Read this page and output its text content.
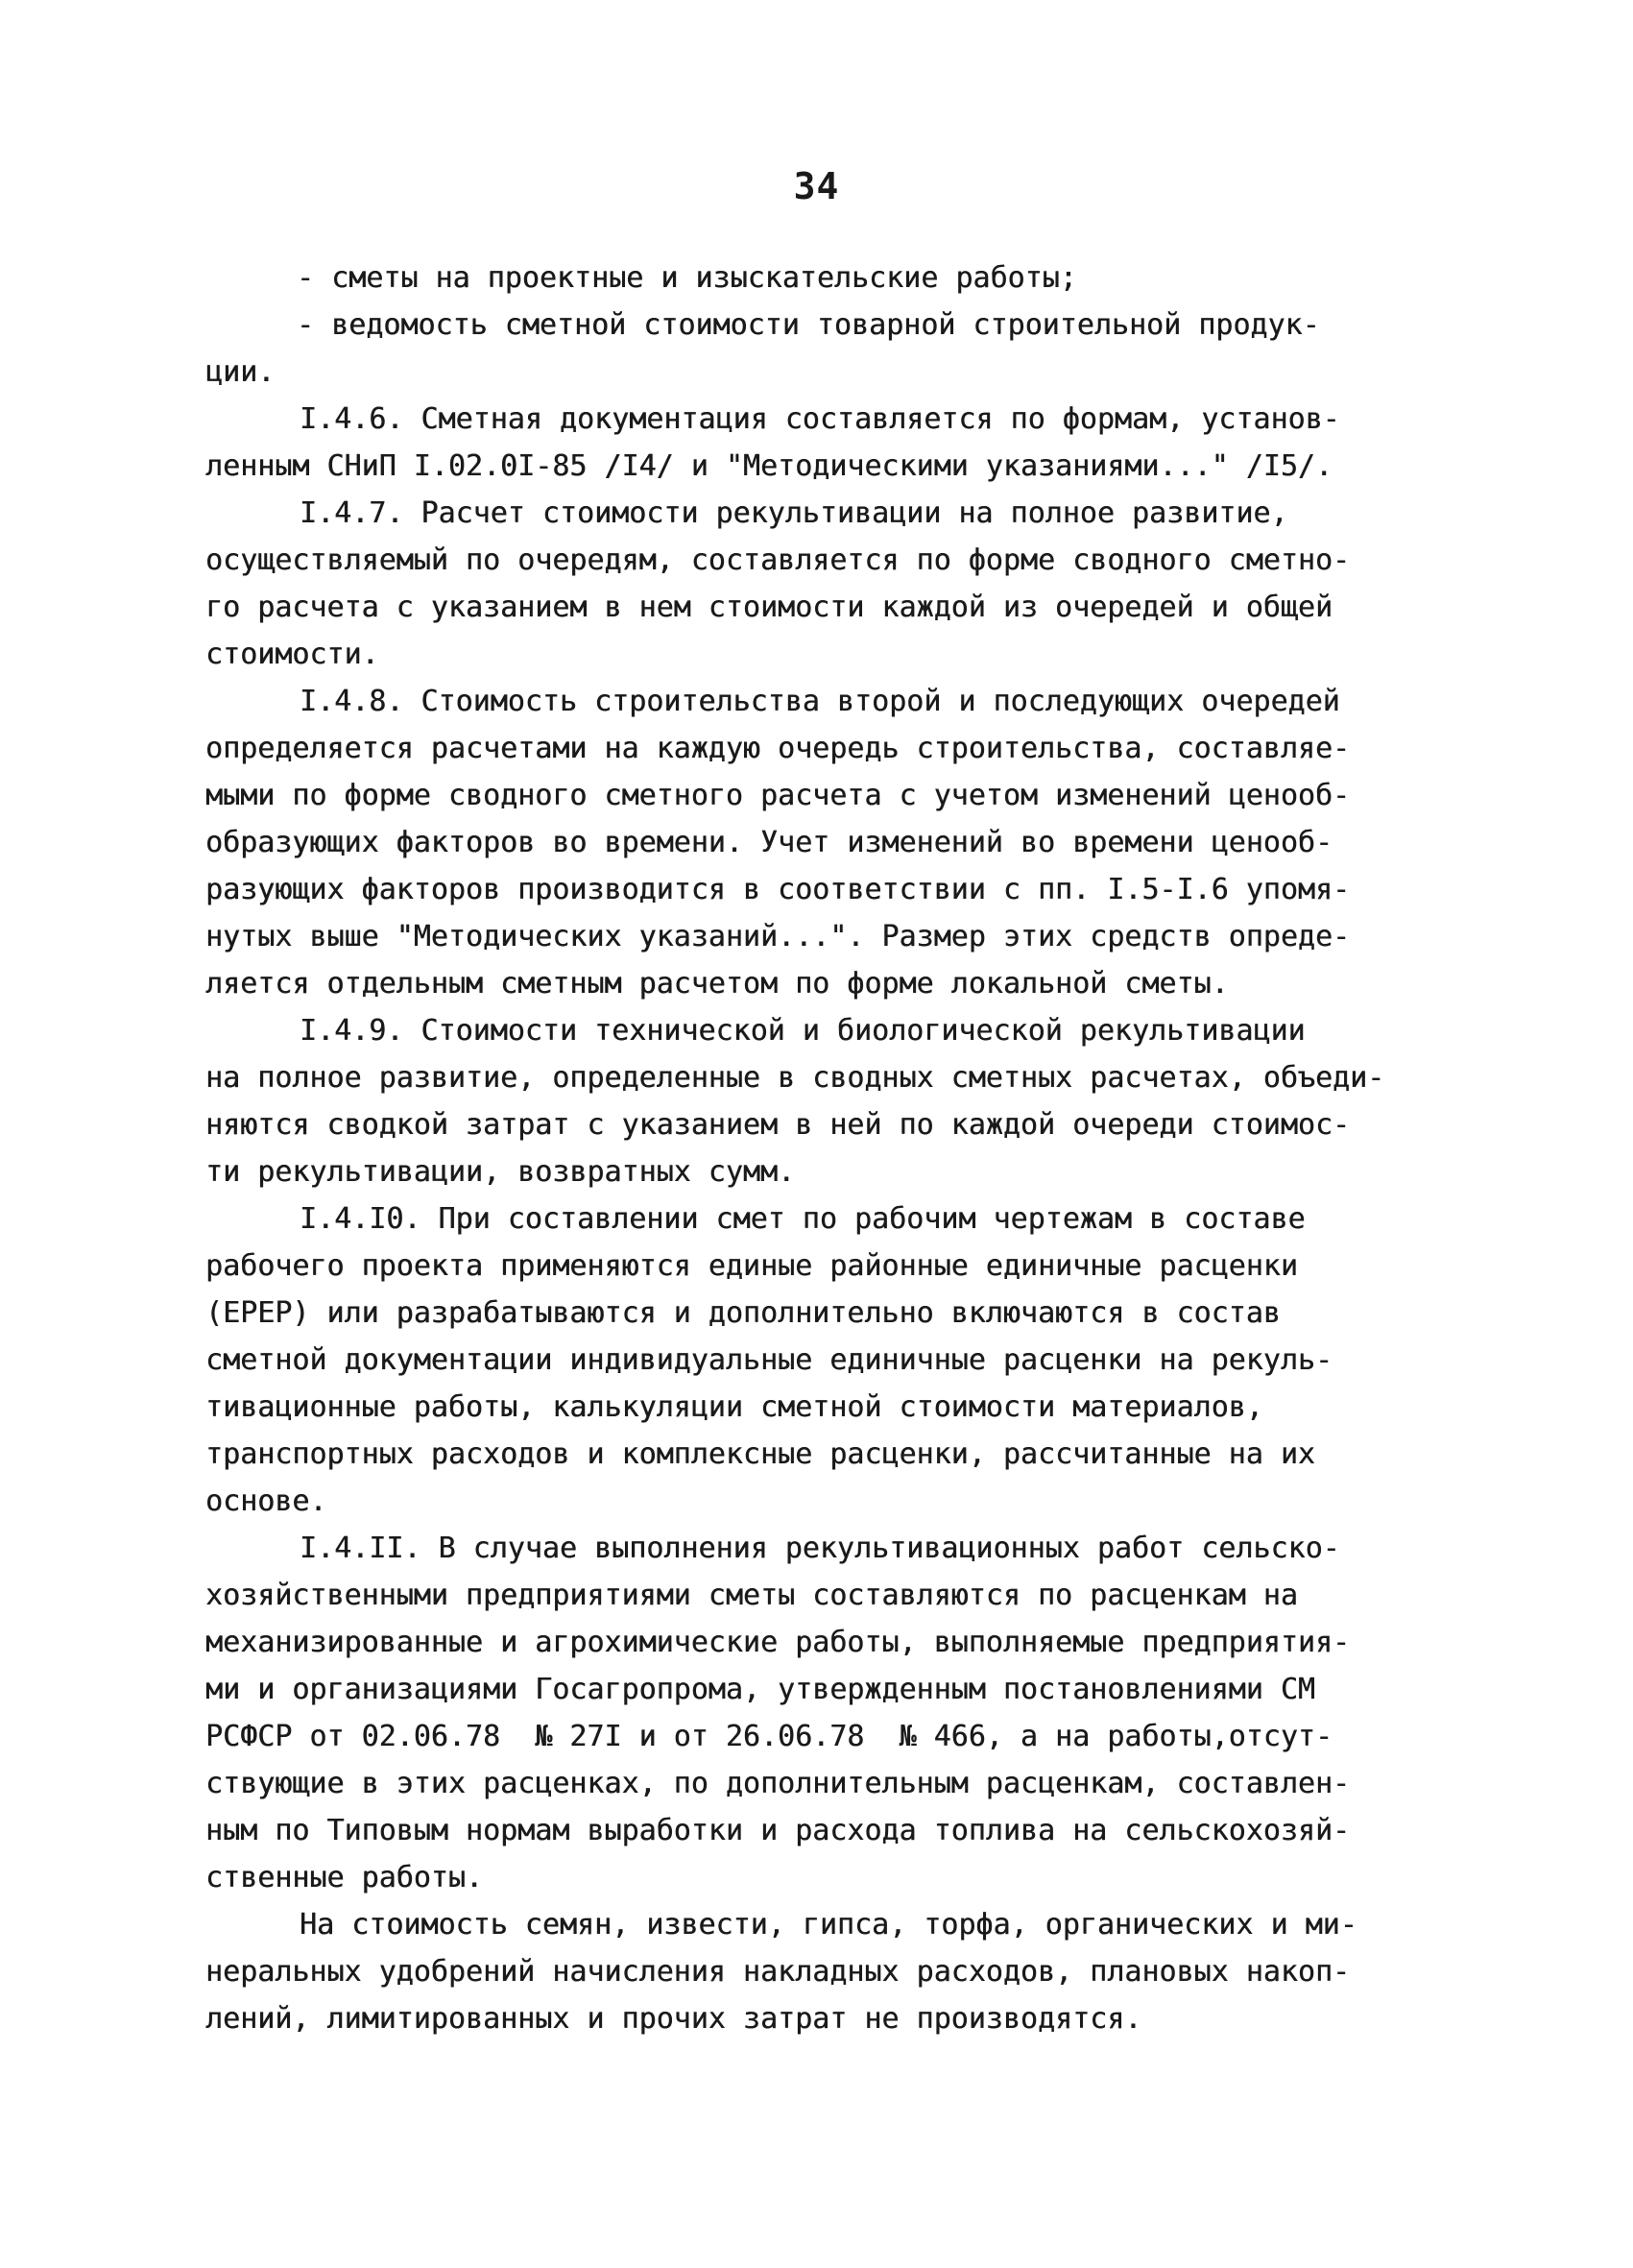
34
- сметы на проектные и изыскательские работы;
- ведомость сметной стоимости товарной строительной продук-
ции.
I.4.6. Сметная документация составляется по формам, установ-
ленным СНиП I.02.0I-85 /I4/ и "Методическими указаниями..." /I5/.
I.4.7. Расчет стоимости рекультивации на полное развитие,
осуществляемый по очередям, составляется по форме сводного сметно-
го расчета с указанием в нем стоимости каждой из очередей и общей
стоимости.
I.4.8. Стоимость строительства второй и последующих очередей
определяется расчетами на каждую очередь строительства, составляе-
мыми по форме сводного сметного расчета с учетом изменений ценооб-
образующих факторов во времени. Учет изменений во времени ценооб-
разующих факторов производится в соответствии с пп. I.5-I.6 упомя-
нутых выше "Методических указаний...". Размер этих средств опреде-
ляется отдельным сметным расчетом по форме локальной сметы.
I.4.9. Стоимости технической и биологической рекультивации
на полное развитие, определенные в сводных сметных расчетах, объеди-
няются сводкой затрат с указанием в ней по каждой очереди стоимос-
ти рекультивации, возвратных сумм.
I.4.I0. При составлении смет по рабочим чертежам в составе
рабочего проекта применяются единые районные единичные расценки
(ЕРЕР) или разрабатываются и дополнительно включаются в состав
сметной документации индивидуальные единичные расценки на рекуль-
тивационные работы, калькуляции сметной стоимости материалов,
транспортных расходов и комплексные расценки, рассчитанные на их
основе.
I.4.II. В случае выполнения рекультивационных работ сельско-
хозяйственными предприятиями сметы составляются по расценкам на
механизированные и агрохимические работы, выполняемые предприятия-
ми и организациями Госагропрома, утвержденным постановлениями СМ
РСФСР от 02.06.78  № 27I и от 26.06.78  № 466, а на работы,отсут-
ствующие в этих расценках, по дополнительным расценкам, составлен-
ным по Типовым нормам выработки и расхода топлива на сельскохозяй-
ственные работы.
На стоимость семян, извести, гипса, торфа, органических и ми-
неральных удобрений начисления накладных расходов, плановых накоп-
лений, лимитированных и прочих затрат не производятся.
